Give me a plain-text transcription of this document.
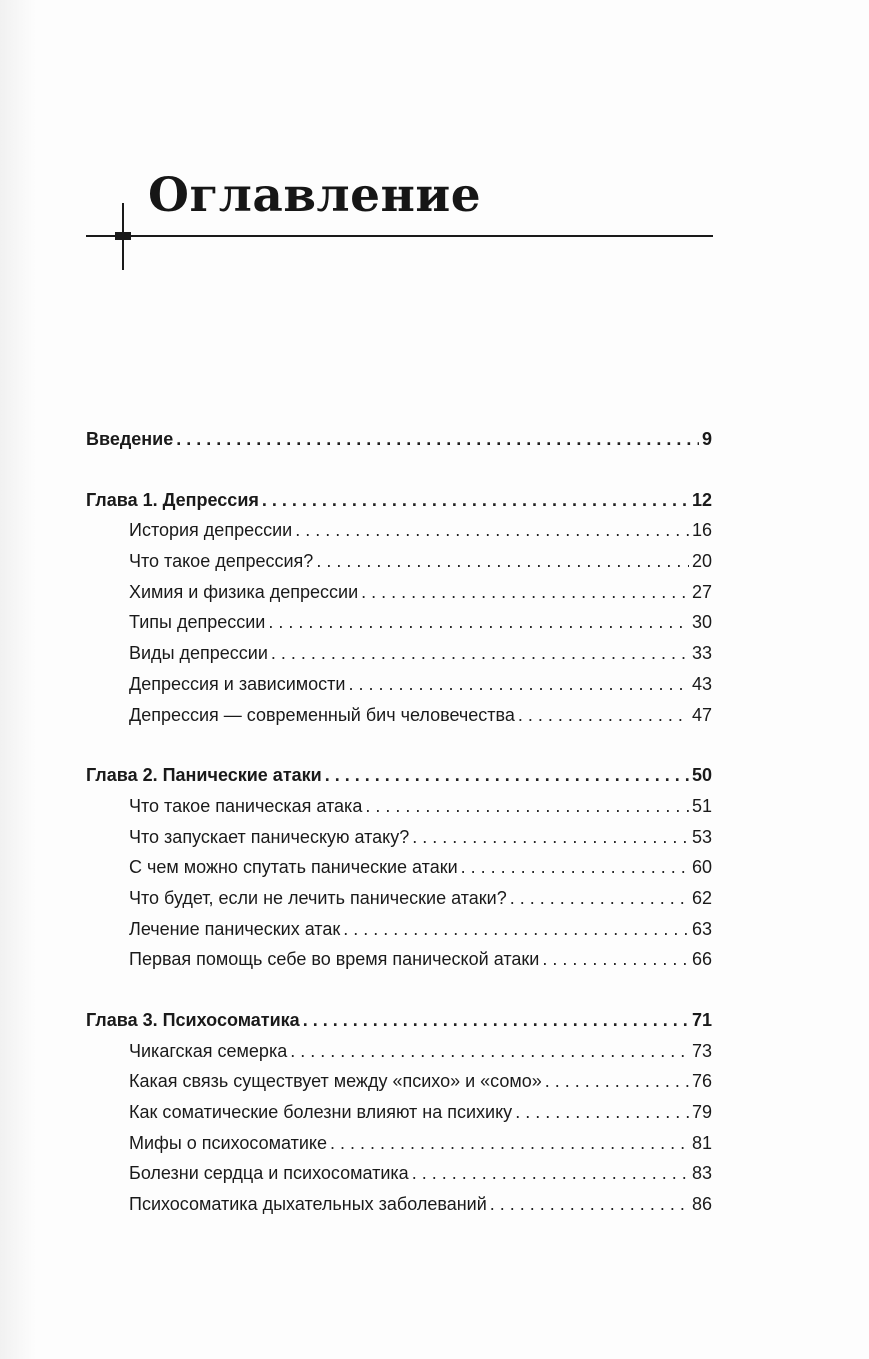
Оглавление
Введение . . .	9
Глава 1. Депрессия . . .	12
История депрессии . . .	16
Что такое депрессия? . . .	20
Химия и физика депрессии . . .	27
Типы депрессии . . .	30
Виды депрессии . . .	33
Депрессия и зависимости . . .	43
Депрессия — современный бич человечества . . .	47
Глава 2. Панические атаки . . .	50
Что такое паническая атака . . .	51
Что запускает паническую атаку? . . .	53
С чем можно спутать панические атаки . . .	60
Что будет, если не лечить панические атаки? . . .	62
Лечение панических атак . . .	63
Первая помощь себе во время панической атаки . . .	66
Глава 3. Психосоматика . . .	71
Чикагская семерка . . .	73
Какая связь существует между «психо» и «сомо» . . .	76
Как соматические болезни влияют на психику . . .	79
Мифы о психосоматике . . .	81
Болезни сердца и психосоматика . . .	83
Психосоматика дыхательных заболеваний . . .	86
